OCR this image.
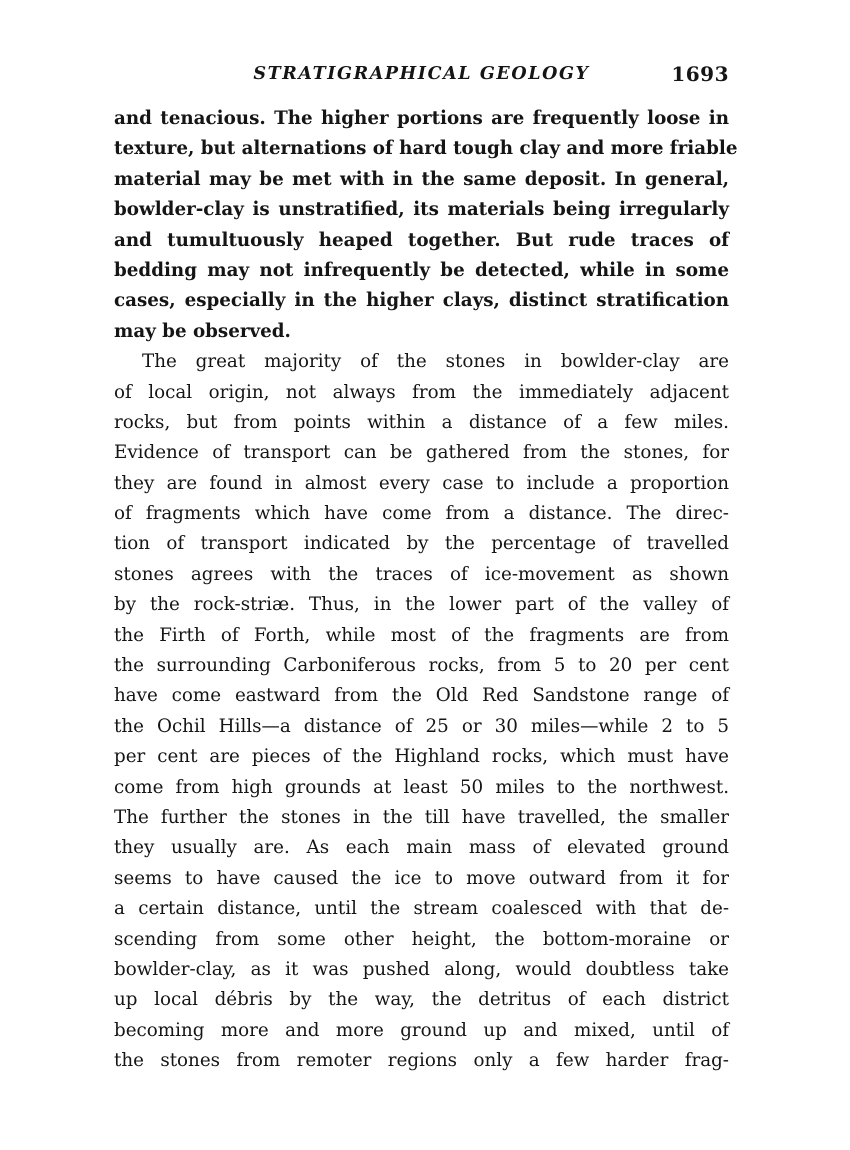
STRATIGRAPHICAL GEOLOGY	1693
and tenacious. The higher portions are frequently loose in
texture, but alternations of hard tough clay and more friable
material may be met with in the same deposit. In general,
bowlder-clay is unstratified, its materials being irregularly
and tumultuously heaped together. But rude traces of
bedding may not infrequently be detected, while in some
cases, especially in the higher clays, distinct stratification
may be observed.
The great majority of the stones in bowlder-clay are
of local origin, not always from the immediately adjacent
rocks, but from points within a distance of a few miles.
Evidence of transport can be gathered from the stones, for
they are found in almost every case to include a proportion
of fragments which have come from a distance. The direc-
tion of transport indicated by the percentage of travelled
stones agrees with the traces of ice-movement as shown
by the rock-striæ. Thus, in the lower part of the valley of
the Firth of Forth, while most of the fragments are from
the surrounding Carboniferous rocks, from 5 to 20 per cent
have come eastward from the Old Red Sandstone range of
the Ochil Hills—a distance of 25 or 30 miles—while 2 to 5
per cent are pieces of the Highland rocks, which must have
come from high grounds at least 50 miles to the northwest.
The further the stones in the till have travelled, the smaller
they usually are. As each main mass of elevated ground
seems to have caused the ice to move outward from it for
a certain distance, until the stream coalesced with that de-
scending from some other height, the bottom-moraine or
bowlder-clay, as it was pushed along, would doubtless take
up local débris by the way, the detritus of each district
becoming more and more ground up and mixed, until of
the stones from remoter regions only a few harder frag-
